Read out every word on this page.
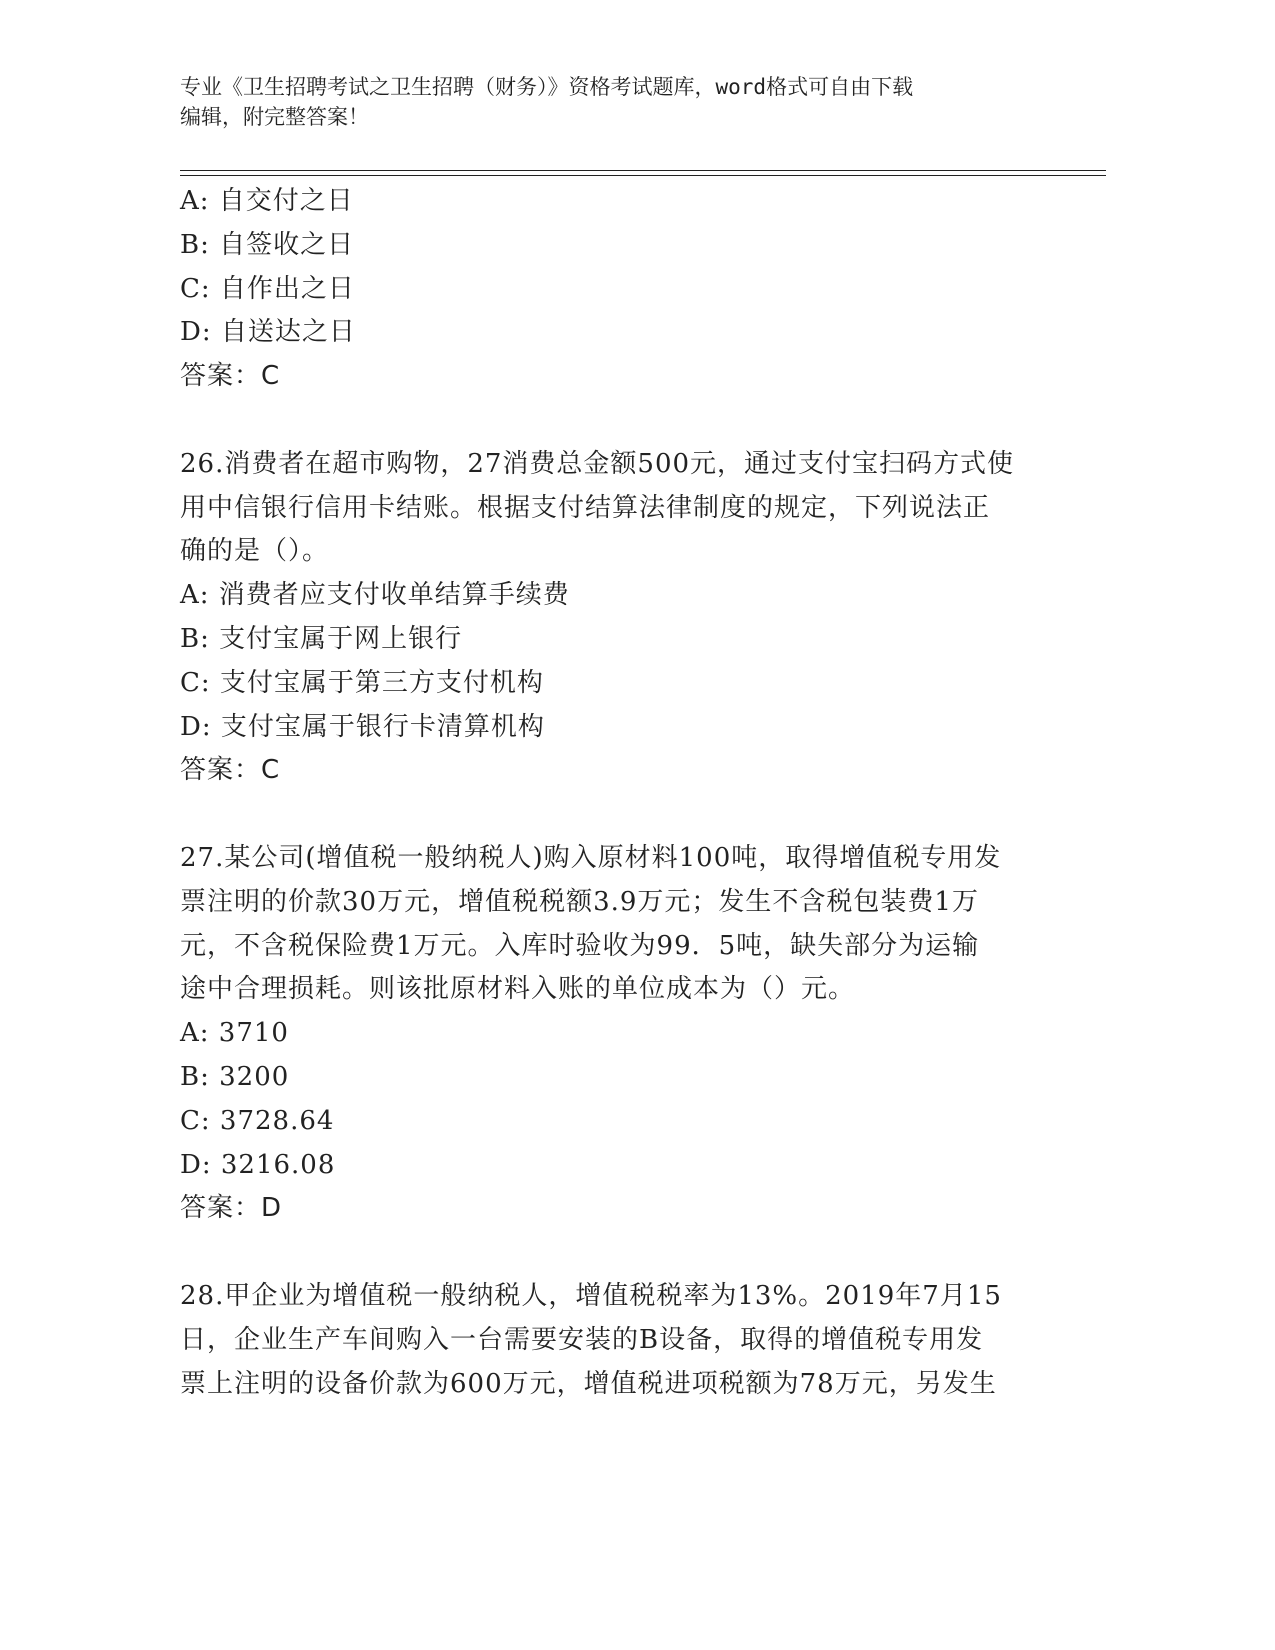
专业《卫生招聘考试之卫生招聘（财务）》资格考试题库，word格式可自由下载
编辑，附完整答案！
A: 自交付之日
B: 自签收之日
C: 自作出之日
D: 自送达之日
答案：C
26.消费者在超市购物，27消费总金额500元，通过支付宝扫码方式使
用中信银行信用卡结账。根据支付结算法律制度的规定，下列说法正
确的是（）。
A: 消费者应支付收单结算手续费
B: 支付宝属于网上银行
C: 支付宝属于第三方支付机构
D: 支付宝属于银行卡清算机构
答案：C
27.某公司(增值税一般纳税人)购入原材料100吨，取得增值税专用发
票注明的价款30万元，增值税税额3.9万元；发生不含税包装费1万
元，不含税保险费1万元。入库时验收为99．5吨，缺失部分为运输
途中合理损耗。则该批原材料入账的单位成本为（）元。
A: 3710
B: 3200
C: 3728.64
D: 3216.08
答案：D
28.甲企业为增值税一般纳税人，增值税税率为13%。2019年7月15
日，企业生产车间购入一台需要安装的B设备，取得的增值税专用发
票上注明的设备价款为600万元，增值税进项税额为78万元，另发生
